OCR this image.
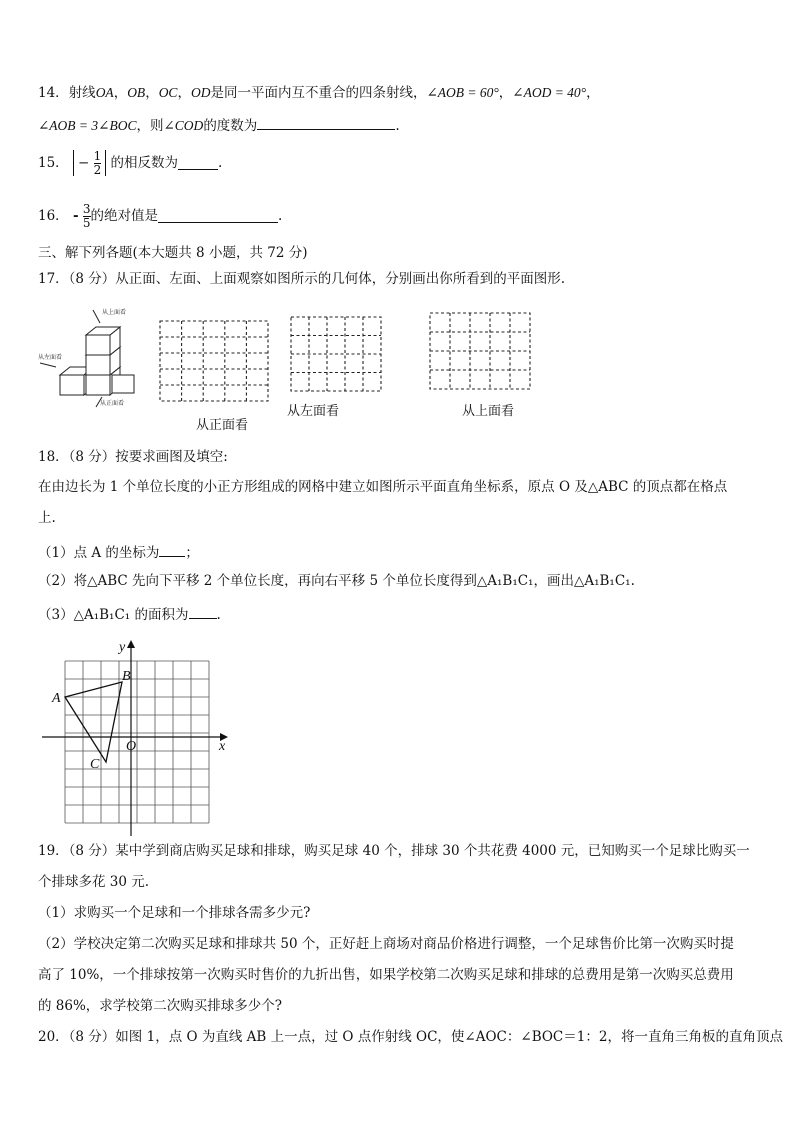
14．射线OA，OB，OC，OD是同一平面内互不重合的四条射线，∠AOB = 60°，∠AOD = 40°，
∠AOB = 3∠BOC，则∠COD的度数为	.
15． − $\frac{1}{2}$ 的相反数为	.
16． - $\frac{3}{5}$ 的绝对值是	.
三、解下列各题(本大题共 8 小题，共 72 分)
17．（8 分）从正面、左面、上面观察如图所示的几何体，分别画出你所看到的平面图形.
从上面看
从左面看
从正面看
从正面看
从左面看	从上面看
18．（8 分）按要求画图及填空:
在由边长为 1 个单位长度的小正方形组成的网格中建立如图所示平面直角坐标系，原点 O 及△ABC 的顶点都在格点
上.
（1）点 A 的坐标为 ；
（2）将△ABC 先向下平移 2 个单位长度，再向右平移 5 个单位长度得到△A₁B₁C₁，画出△A₁B₁C₁.
（3）△A₁B₁C₁ 的面积为 .
y
x
O
A
B
C
19．（8 分）某中学到商店购买足球和排球，购买足球 40 个，排球 30 个共花费 4000 元，已知购买一个足球比购买一
个排球多花 30 元.
（1）求购买一个足球和一个排球各需多少元?
（2）学校决定第二次购买足球和排球共 50 个，正好赶上商场对商品价格进行调整，一个足球售价比第一次购买时提
高了 10%，一个排球按第一次购买时售价的九折出售，如果学校第二次购买足球和排球的总费用是第一次购买总费用
的 86%，求学校第二次购买排球多少个?
20．（8 分）如图 1，点 O 为直线 AB 上一点，过 O 点作射线 OC，使∠AOC：∠BOC＝1：2，将一直角三角板的直角顶点
